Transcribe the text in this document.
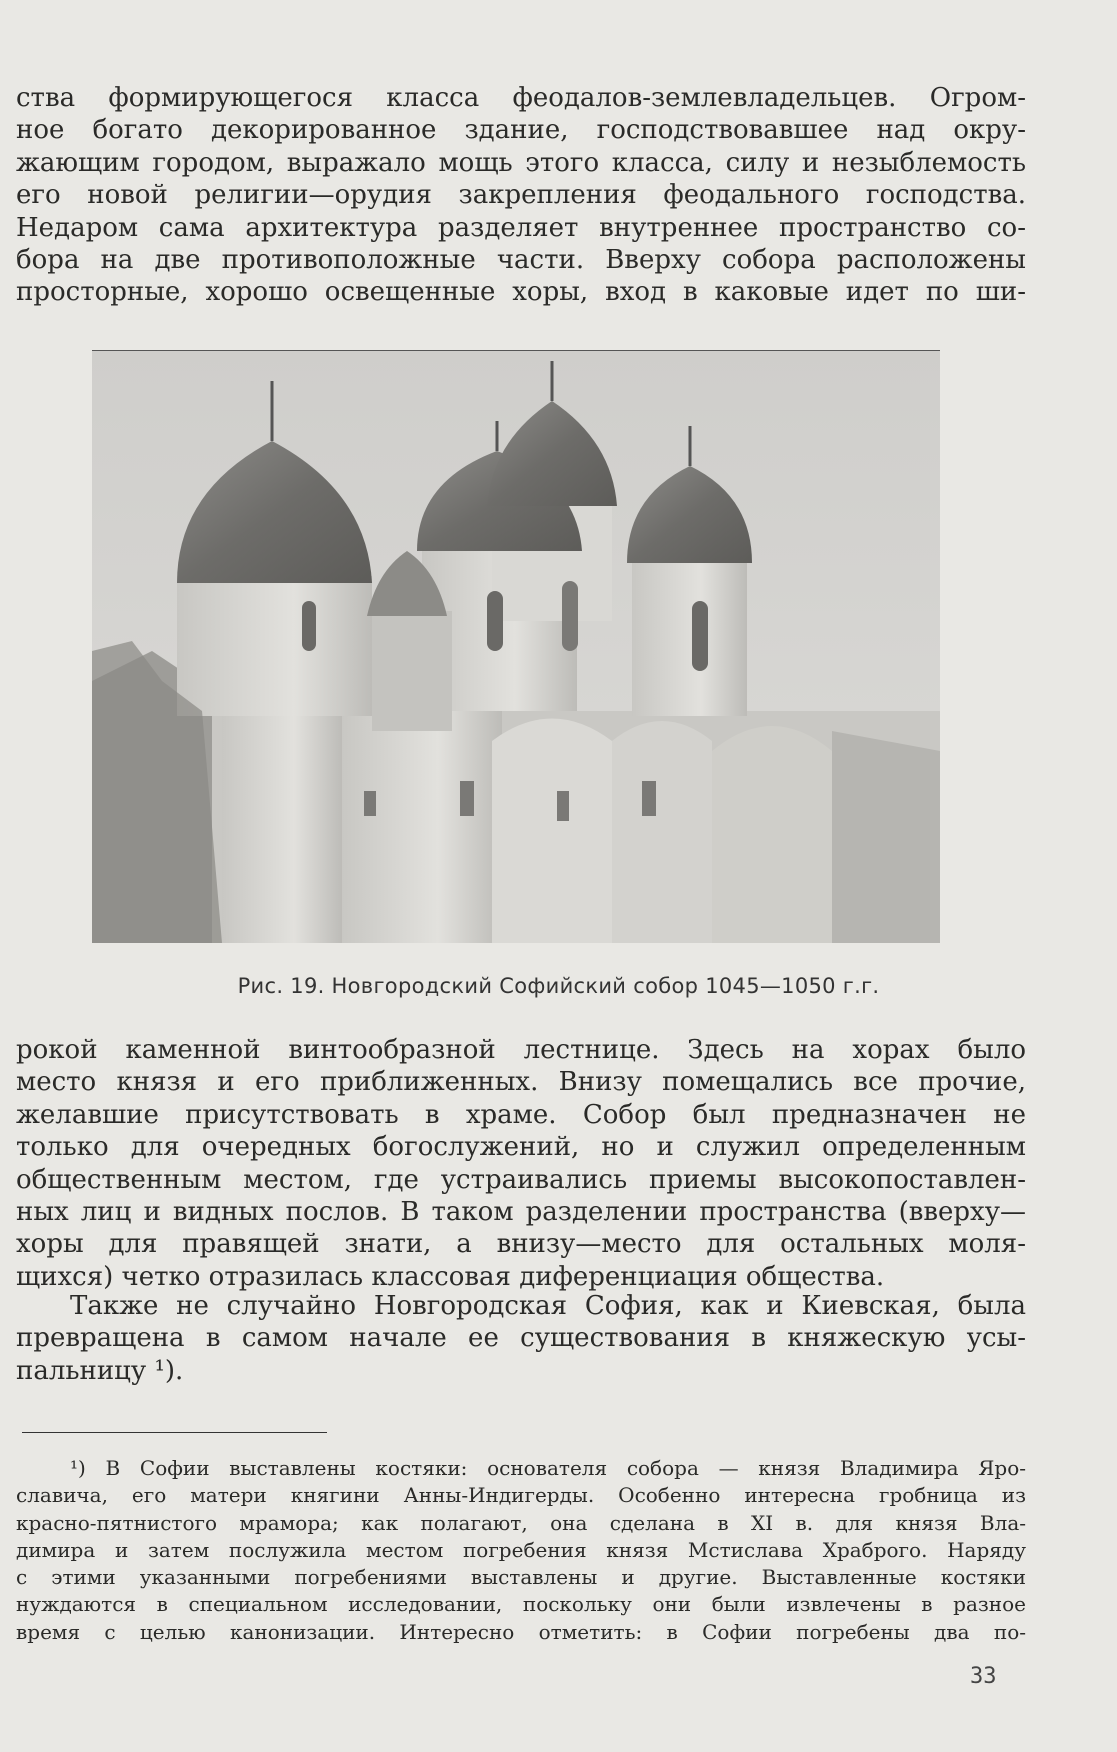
ства формирующегося класса феодалов-землевладельцев. Огром-
ное богато декорированное здание, господствовавшее над окру-
жающим городом, выражало мощь этого класса, силу и незыблемость
его новой религии—орудия закрепления феодального господства.
Недаром сама архитектура разделяет внутреннее пространство со-
бора на две противоположные части. Вверху собора расположены
просторные, хорошо освещенные хоры, вход в каковые идет по ши-
Рис. 19. Новгородский Софийский собор 1045—1050 г.г.
рокой каменной винтообразной лестнице. Здесь на хорах было
место князя и его приближенных. Внизу помещались все прочие,
желавшие присутствовать в храме. Собор был предназначен не
только для очередных богослужений, но и служил определенным
общественным местом, где устраивались приемы высокопоставлен-
ных лиц и видных послов. В таком разделении пространства (вверху—
хоры для правящей знати, а внизу—место для остальных моля-
щихся) четко отразилась классовая диференциация общества.
Также не случайно Новгородская София, как и Киевская, была
превращена в самом начале ее существования в княжескую усы-
пальницу ¹).
¹) В Софии выставлены костяки: основателя собора — князя Владимира Яро-
славича, его матери княгини Анны-Индигерды. Особенно интересна гробница из
красно-пятнистого мрамора; как полагают, она сделана в XI в. для князя Вла-
димира и затем послужила местом погребения князя Мстислава Храброго. Наряду
с этими указанными погребениями выставлены и другие. Выставленные костяки
нуждаются в специальном исследовании, поскольку они были извлечены в разное
время с целью канонизации. Интересно отметить: в Софии погребены два по-
33
